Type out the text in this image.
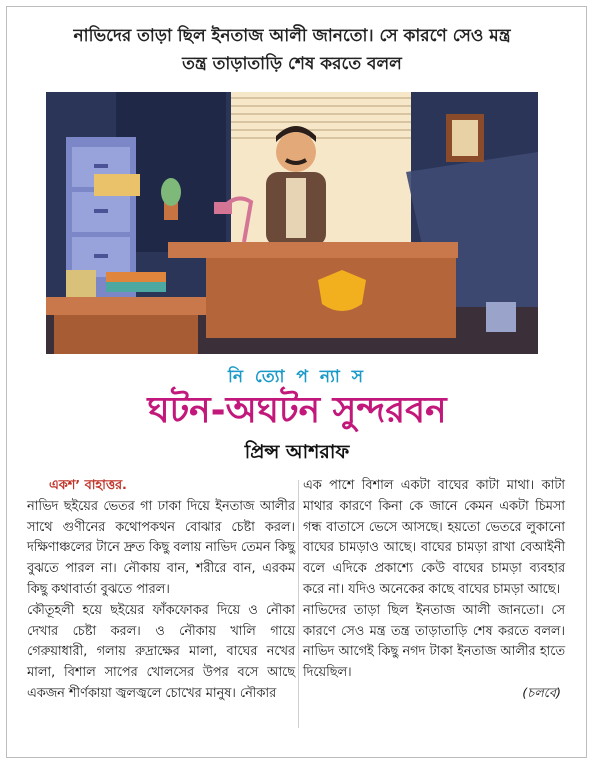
নাভিদের তাড়া ছিল ইনতাজ আলী জানতো। সে কারণে সেও মন্ত্র
তন্ত্র তাড়াতাড়ি শেষ করতে বলল
নি ত্যো প ন্যা স
ঘটন-অঘটন সুন্দরবন
প্রিন্স আশরাফ
একশ’ বাহাত্তর.
নাভিদ ছইয়ের ভেতর গা ঢাকা দিয়ে ইনতাজ আলীর সাথে গুণীনের কথোপকথন বোঝার চেষ্টা করল। দক্ষিণাঞ্চলের টানে দ্রুত কিছু বলায় নাভিদ তেমন কিছু বুঝতে পারল না। নৌকায় বান, শরীরে বান, এরকম কিছু কথাবার্তা বুঝতে পারল।
কৌতূহলী হয়ে ছইয়ের ফাঁকফোকর দিয়ে ও নৌকা দেখার চেষ্টা করল। ও নৌকায় খালি গায়ে গেরুয়াধারী, গলায় রুদ্রাক্ষের মালা, বাঘের নখের মালা, বিশাল সাপের খোলসের উপর বসে আছে একজন শীর্ণকায়া জ্বলজ্বলে চোখের মানুষ। নৌকার
এক পাশে বিশাল একটা বাঘের কাটা মাথা। কাটা মাথার কারণে কিনা কে জানে কেমন একটা চিমসা গন্ধ বাতাসে ভেসে আসছে। হয়তো ভেতরে লুকানো বাঘের চামড়াও আছে। বাঘের চামড়া রাখা বেআইনী বলে এদিকে প্রকাশ্যে কেউ বাঘের চামড়া ব্যবহার করে না। যদিও অনেকের কাছে বাঘের চামড়া আছে।
নাভিদের তাড়া ছিল ইনতাজ আলী জানতো। সে কারণে সেও মন্ত্র তন্ত্র তাড়াতাড়ি শেষ করতে বলল। নাভিদ আগেই কিছু নগদ টাকা ইনতাজ আলীর হাতে দিয়েছিল।
(চলবে)
